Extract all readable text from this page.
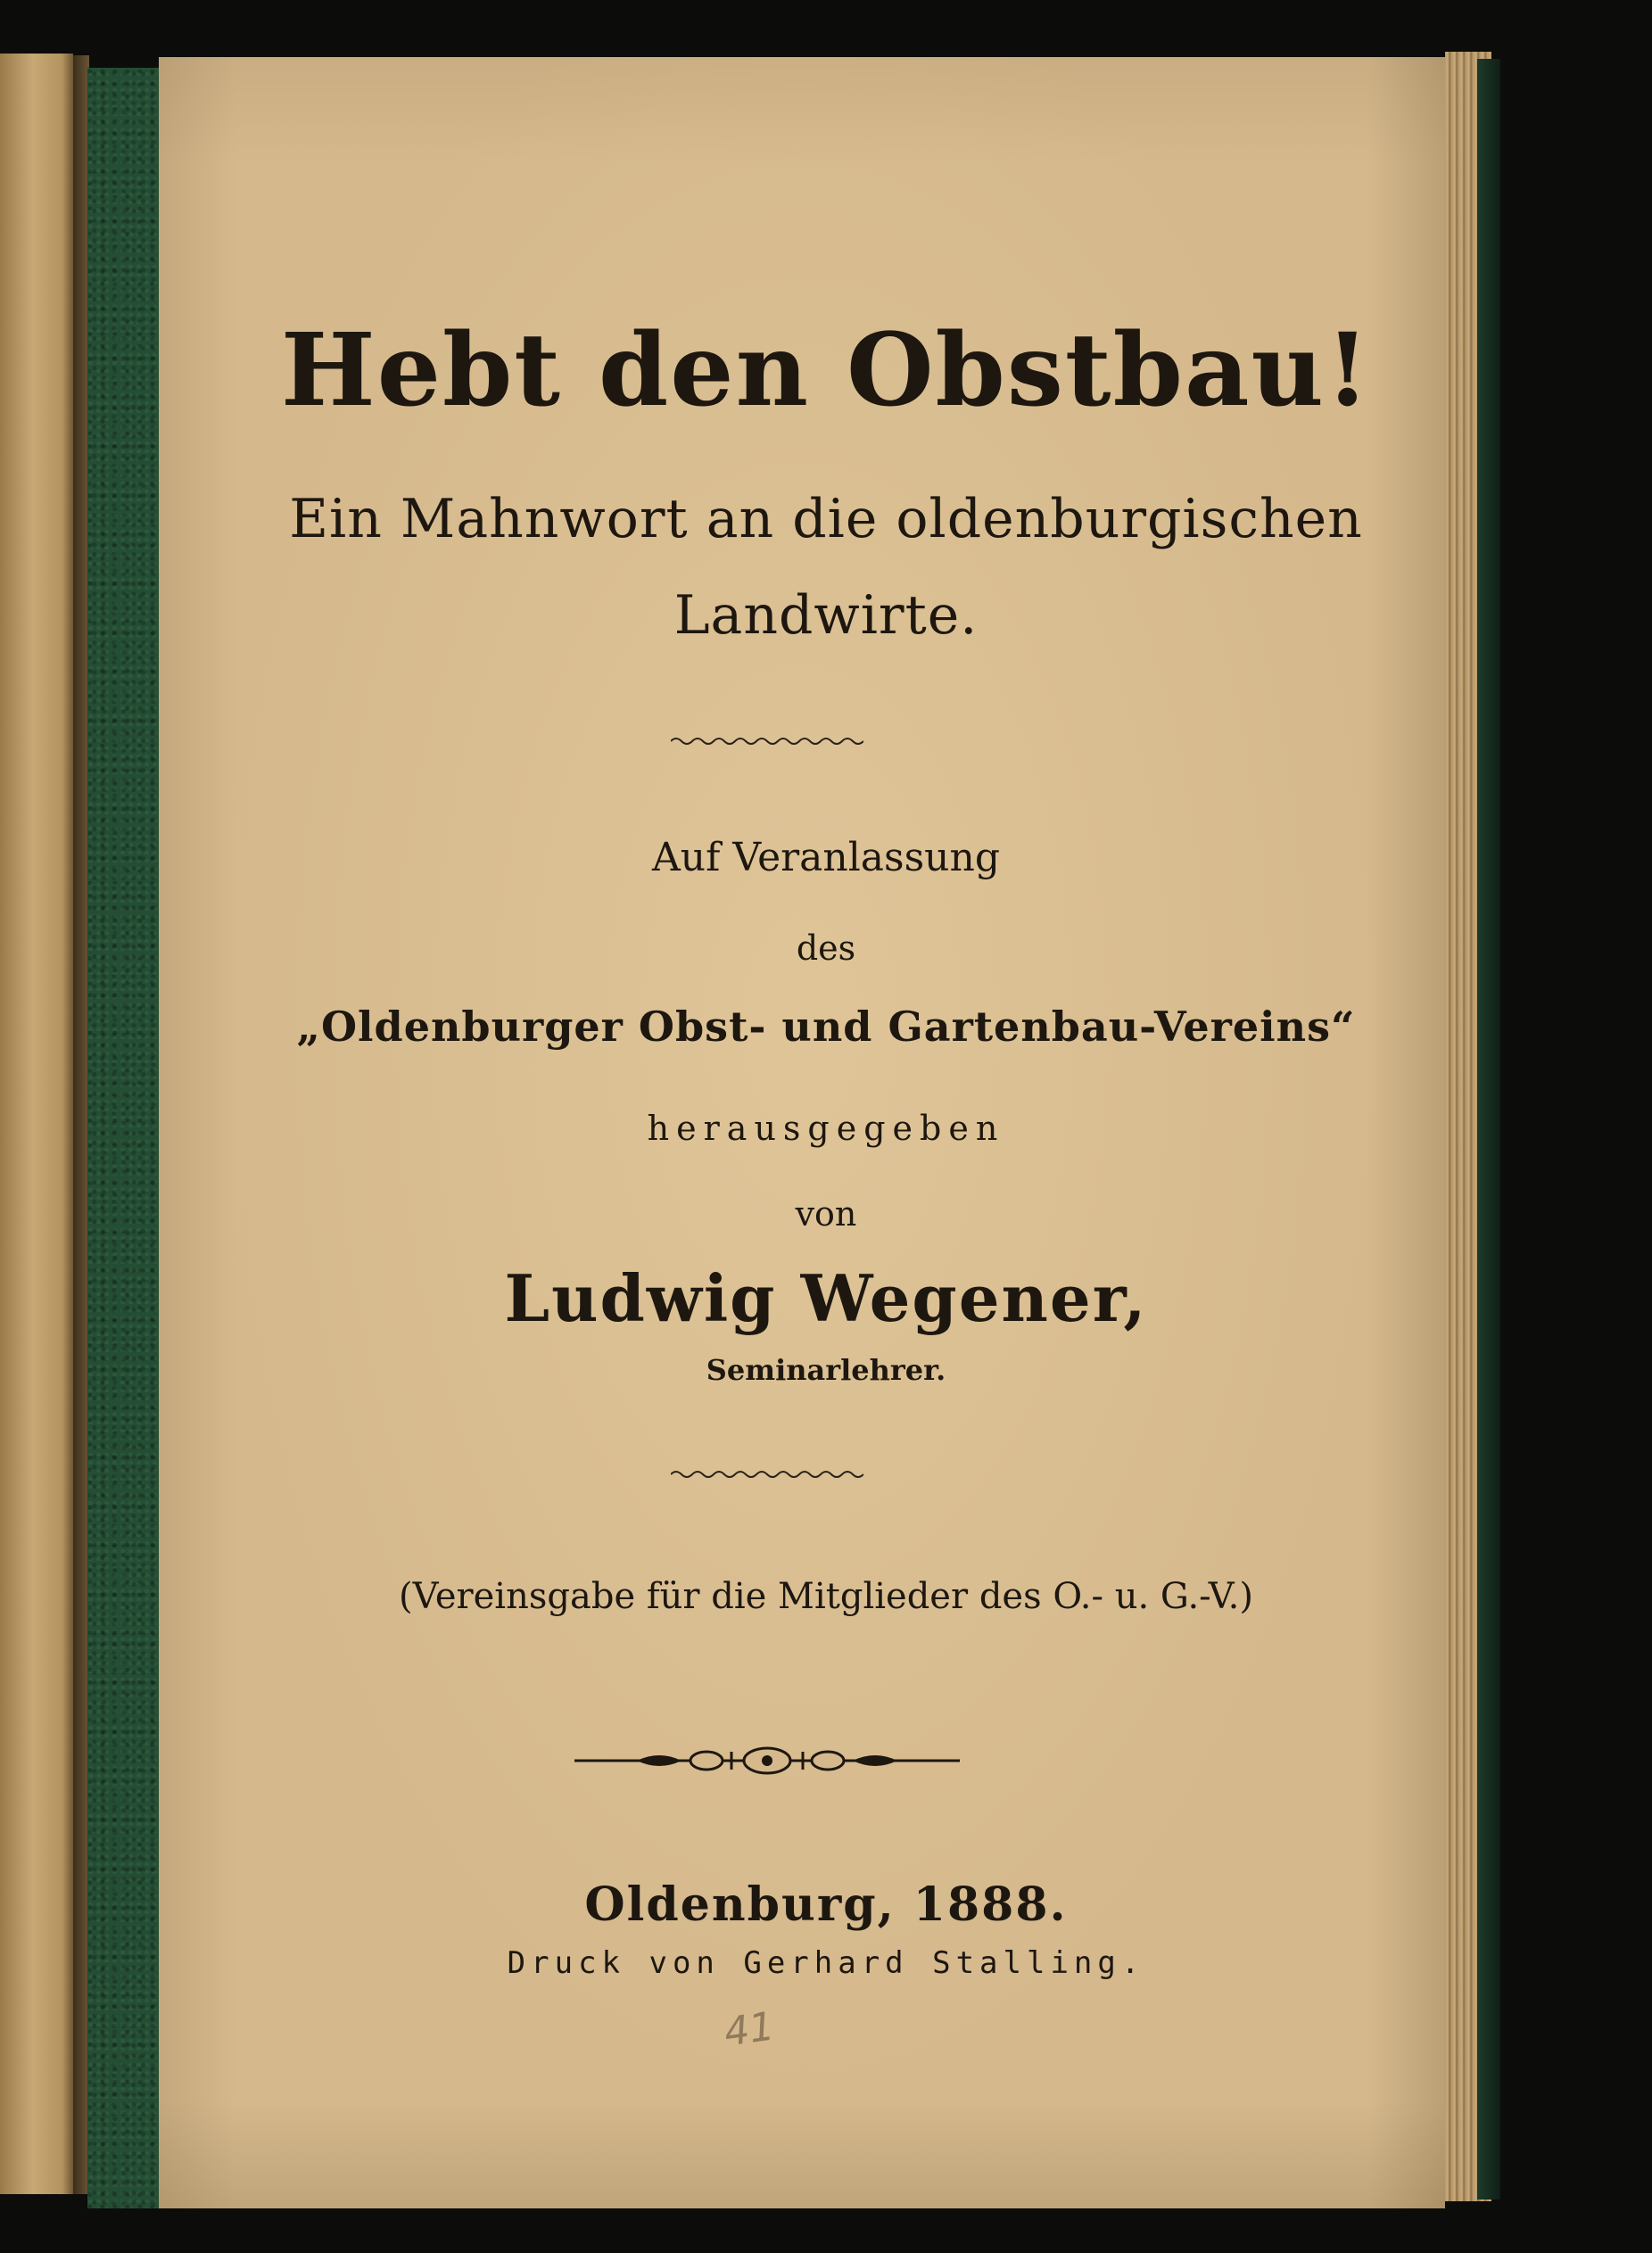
Hebt den Obstbau!
Ein Mahnwort an die oldenburgischen
Landwirte.
Auf Veranlassung
des
„Oldenburger Obst- und Gartenbau-Vereins“
herausgegeben
von
Ludwig Wegener,
Seminarlehrer.
(Vereinsgabe für die Mitglieder des O.- u. G.-V.)
Oldenburg, 1888.
Druck von Gerhard Stalling.
41
